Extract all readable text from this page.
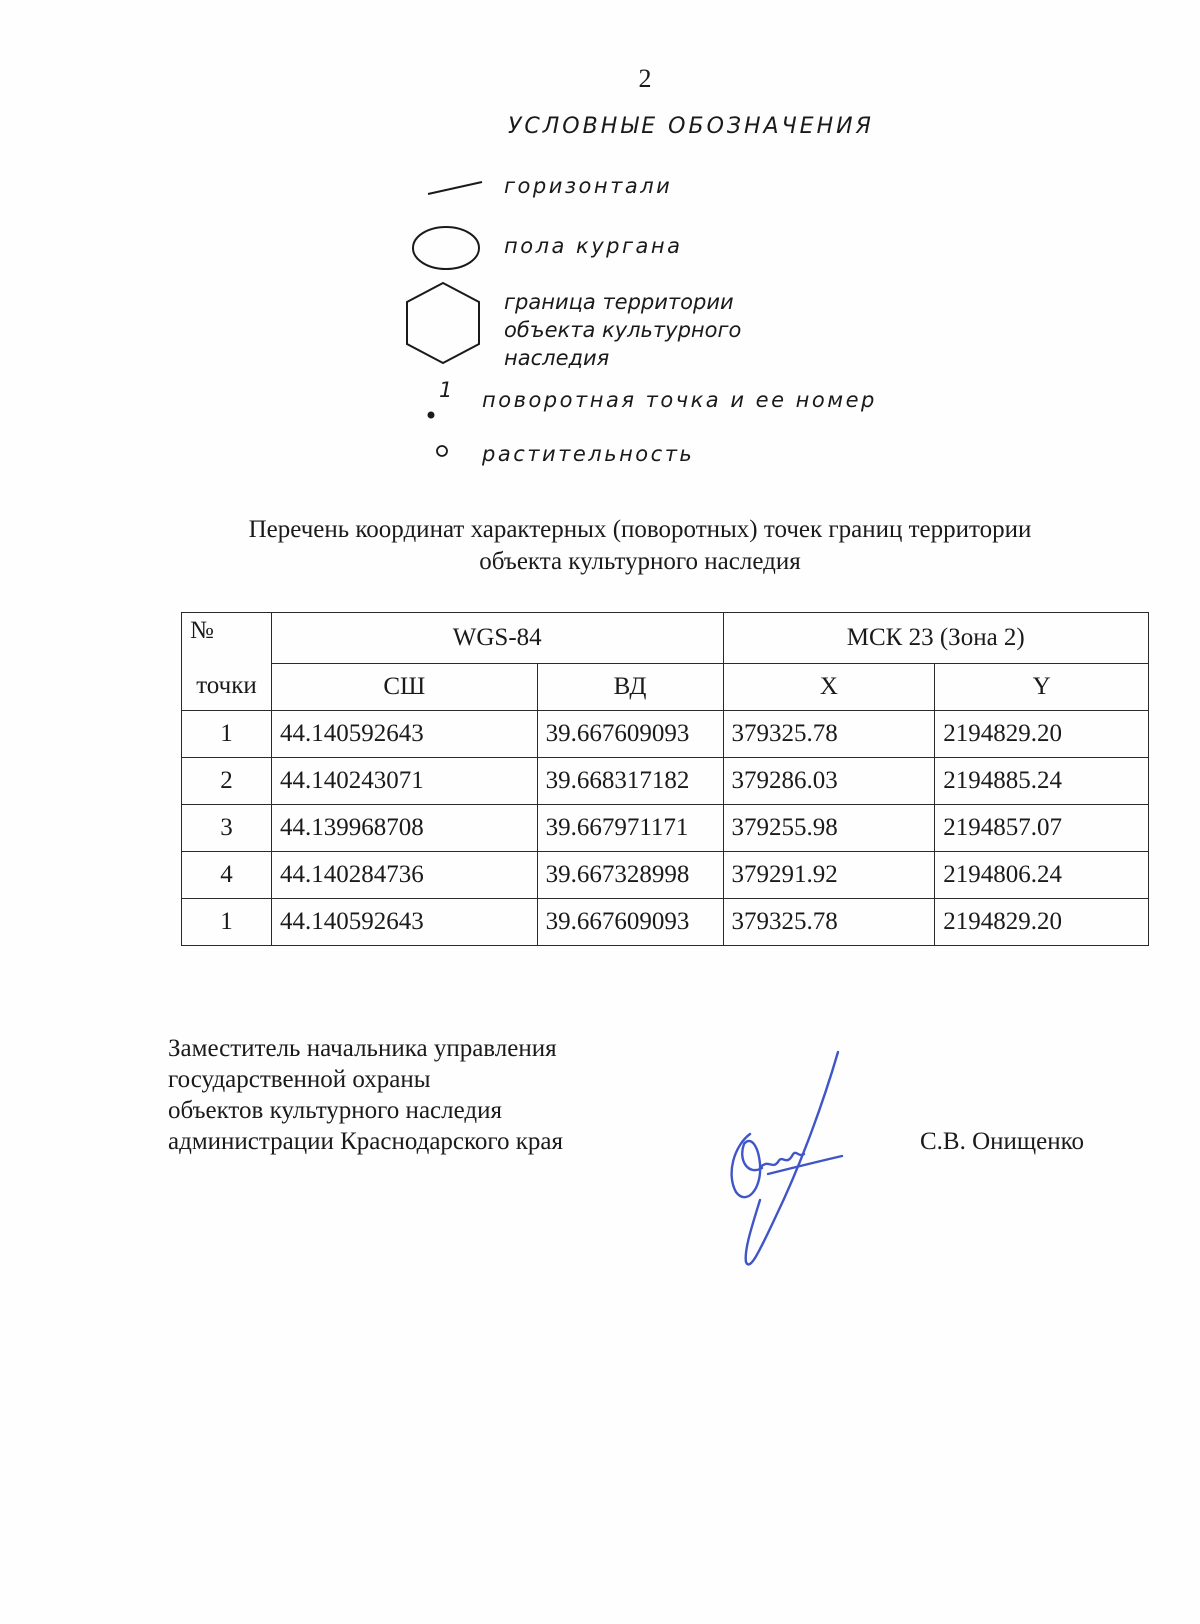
2
УСЛОВНЫЕ ОБОЗНАЧЕНИЯ
1
горизонтали
пола кургана
граница территории
объекта культурного
наследия
поворотная точка и ее номер
растительность
Перечень координат характерных (поворотных) точек границ территории
объекта культурного наследия
№	WGS-84		МСК 23 (Зона 2)	
точки	СШ	ВД	X	Y
1	44.140592643	39.667609093	379325.78	2194829.20
2	44.140243071	39.668317182	379286.03	2194885.24
3	44.139968708	39.667971171	379255.98	2194857.07
4	44.140284736	39.667328998	379291.92	2194806.24
1	44.140592643	39.667609093	379325.78	2194829.20
Заместитель начальника управления
государственной охраны
объектов культурного наследия
администрации Краснодарского края	С.В. Онищенко
